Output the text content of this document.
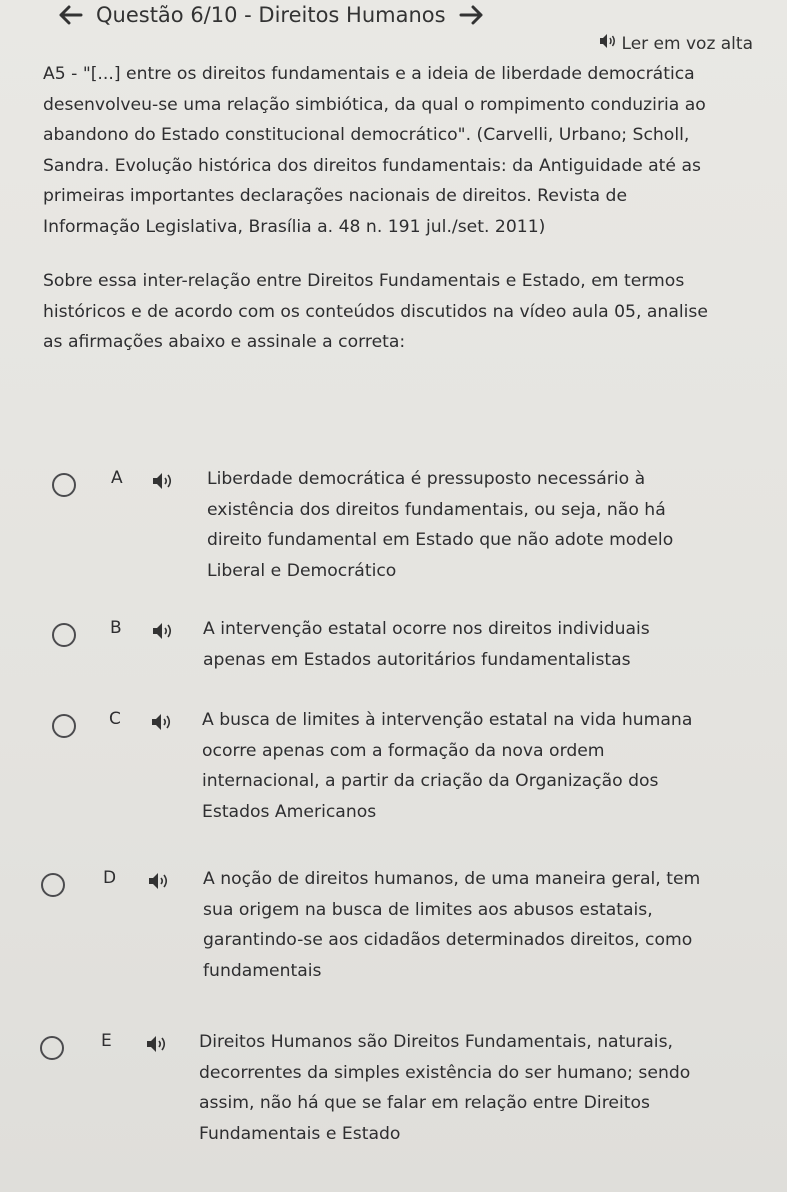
Questão 6/10 - Direitos Humanos
Ler em voz alta
A5 - "[...] entre os direitos fundamentais e a ideia de liberdade democrática
desenvolveu-se uma relação simbiótica, da qual o rompimento conduziria ao
abandono do Estado constitucional democrático". (Carvelli, Urbano; Scholl,
Sandra. Evolução histórica dos direitos fundamentais: da Antiguidade até as
primeiras importantes declarações nacionais de direitos. Revista de
Informação Legislativa, Brasília a. 48 n. 191 jul./set. 2011)
Sobre essa inter-relação entre Direitos Fundamentais e Estado, em termos
históricos e de acordo com os conteúdos discutidos na vídeo aula 05, analise
as afirmações abaixo e assinale a correta:
A	Liberdade democrática é pressuposto necessário à
existência dos direitos fundamentais, ou seja, não há
direito fundamental em Estado que não adote modelo
Liberal e Democrático
B	A intervenção estatal ocorre nos direitos individuais
apenas em Estados autoritários fundamentalistas
C	A busca de limites à intervenção estatal na vida humana
ocorre apenas com a formação da nova ordem
internacional, a partir da criação da Organização dos
Estados Americanos
D	A noção de direitos humanos, de uma maneira geral, tem
sua origem na busca de limites aos abusos estatais,
garantindo-se aos cidadãos determinados direitos, como
fundamentais
E	Direitos Humanos são Direitos Fundamentais, naturais,
decorrentes da simples existência do ser humano; sendo
assim, não há que se falar em relação entre Direitos
Fundamentais e Estado
